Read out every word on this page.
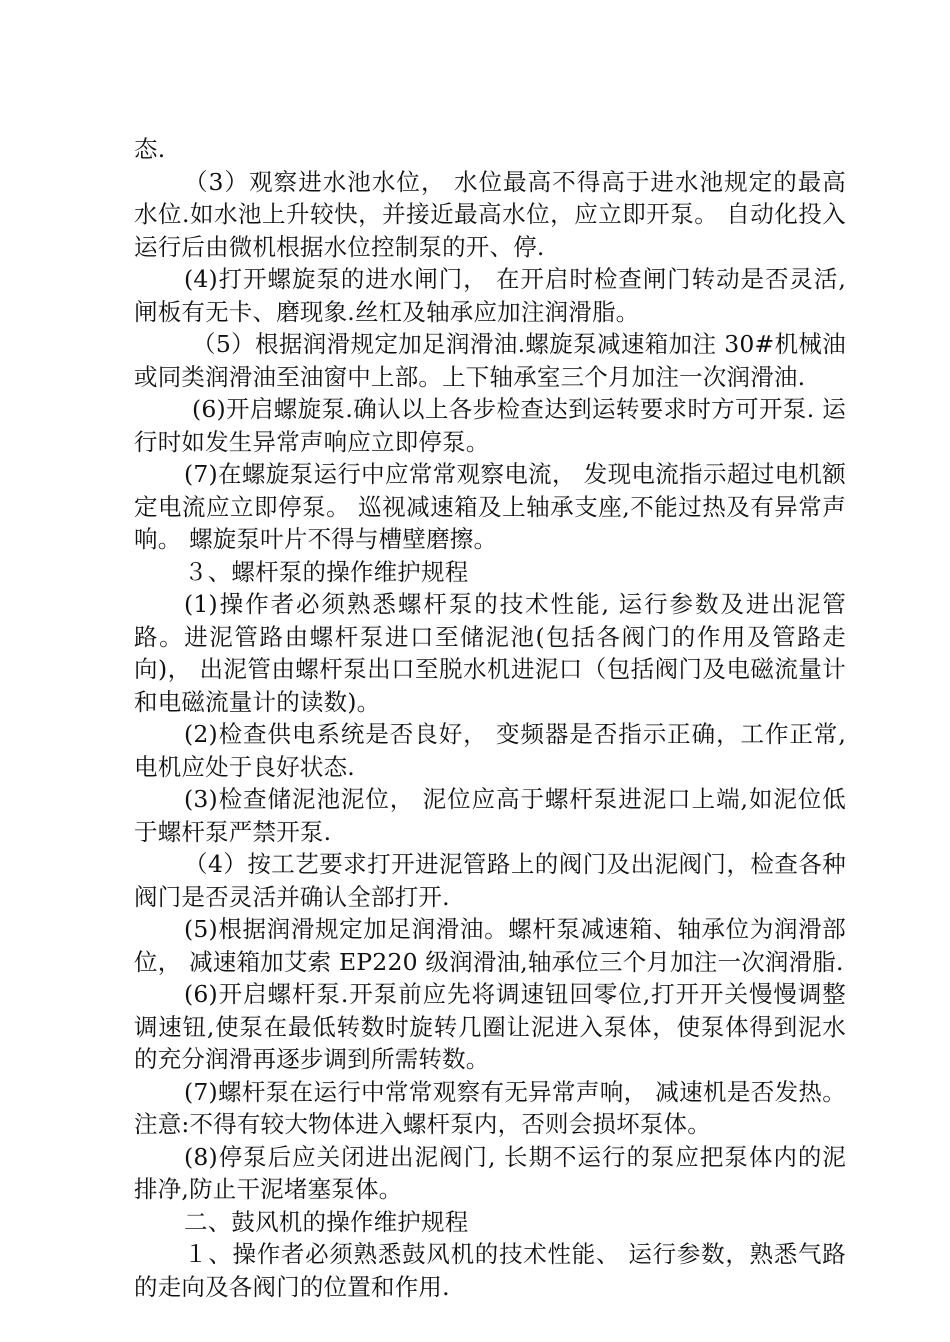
态.

（3）观察进水池水位， 水位最高不得高于进水池规定的最高水位.如水池上升较快，并接近最高水位，应立即开泵。 自动化投入运行后由微机根据水位控制泵的开、停.

(4)打开螺旋泵的进水闸门， 在开启时检查闸门转动是否灵活,闸板有无卡、磨现象.丝杠及轴承应加注润滑脂。

（5）根据润滑规定加足润滑油.螺旋泵减速箱加注 30#机械油或同类润滑油至油窗中上部。上下轴承室三个月加注一次润滑油.

(6)开启螺旋泵.确认以上各步检查达到运转要求时方可开泵. 运行时如发生异常声响应立即停泵。

(7)在螺旋泵运行中应常常观察电流， 发现电流指示超过电机额定电流应立即停泵。 巡视减速箱及上轴承支座,不能过热及有异常声响。 螺旋泵叶片不得与槽壁磨擦。

３、螺杆泵的操作维护规程

(1)操作者必须熟悉螺杆泵的技术性能, 运行参数及进出泥管路。进泥管路由螺杆泵进口至储泥池(包括各阀门的作用及管路走向)， 出泥管由螺杆泵出口至脱水机进泥口（包括阀门及电磁流量计和电磁流量计的读数)。

(2)检查供电系统是否良好， 变频器是否指示正确，工作正常,电机应处于良好状态.

(3)检查储泥池泥位， 泥位应高于螺杆泵进泥口上端,如泥位低于螺杆泵严禁开泵.

（4）按工艺要求打开进泥管路上的阀门及出泥阀门，检查各种阀门是否灵活并确认全部打开.

(5)根据润滑规定加足润滑油。螺杆泵减速箱、轴承位为润滑部位， 减速箱加艾索 EP220 级润滑油,轴承位三个月加注一次润滑脂.

(6)开启螺杆泵.开泵前应先将调速钮回零位,打开开关慢慢调整调速钮,使泵在最低转数时旋转几圈让泥进入泵体，使泵体得到泥水的充分润滑再逐步调到所需转数。

(7)螺杆泵在运行中常常观察有无异常声响， 减速机是否发热。注意:不得有较大物体进入螺杆泵内，否则会损坏泵体。

(8)停泵后应关闭进出泥阀门, 长期不运行的泵应把泵体内的泥排净,防止干泥堵塞泵体。

二、鼓风机的操作维护规程

１、操作者必须熟悉鼓风机的技术性能、 运行参数，熟悉气路的走向及各阀门的位置和作用.
